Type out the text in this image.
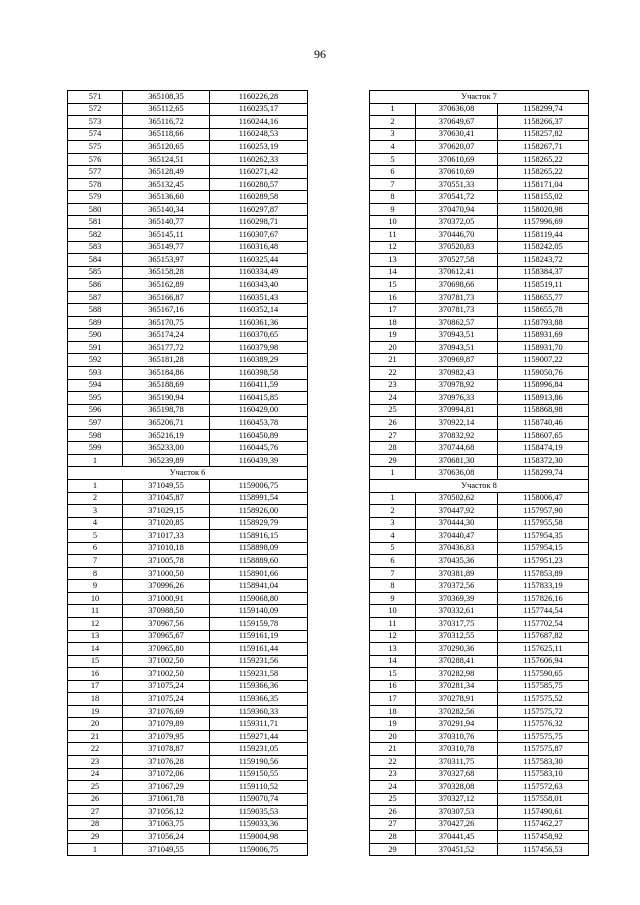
96
571	365108,35	1160226,28
572	365112,65	1160235,17
573	365116,72	1160244,16
574	365118,66	1160248,53
575	365120,65	1160253,19
576	365124,51	1160262,33
577	365128,49	1160271,42
578	365132,45	1160280,57
579	365136,60	1160289,58
580	365140,34	1160297,87
581	365140,77	1160298,71
582	365145,11	1160307,67
583	365149,77	1160316,48
584	365153,97	1160325,44
585	365158,28	1160334,49
586	365162,89	1160343,40
587	365166,87	1160351,43
588	365167,16	1160352,14
589	365170,75	1160361,36
590	365174,24	1160370,65
591	365177,72	1160379,98
592	365181,28	1160389,29
593	365184,86	1160398,58
594	365188,69	1160411,59
595	365190,94	1160415,85
596	365198,78	1160429,00
597	365206,71	1160453,78
598	365216,19	1160450,89
599	365233,00	1160445,76
1	365239,89	1160439,39
Участок 6		
1	371049,55	1159006,75
2	371045,87	1158991,54
3	371029,15	1158926,00
4	371020,85	1158929,79
5	371017,33	1158916,15
6	371010,18	1158898,09
7	371005,78	1158889,60
8	371000,50	1158901,66
9	370996,26	1158941,04
10	371000,91	1159068,80
11	370988,50	1159140,09
12	370967,56	1159159,78
13	370965,67	1159161,19
14	370965,80	1159161,44
15	371002,50	1159231,56
16	371002,50	1159231,58
17	371075,24	1159366,36
18	371075,24	1159366,35
19	371076,69	1159360,33
20	371079,89	1159311,71
21	371079,95	1159271,44
22	371078,87	1159231,05
23	371076,28	1159190,56
24	371072,06	1159150,55
25	371067,29	1159110,52
26	371061,78	1159070,74
27	371056,12	1159035,53
28	371063,75	1159033,36
29	371056,24	1159004,98
1	371049,55	1159006,75
Участок 7		
1	370636,08	1158299,74
2	370649,67	1158266,37
3	370630,41	1158257,82
4	370620,07	1158267,71
5	370610,69	1158265,22
6	370610,69	1158265,22
7	370551,33	1158171,04
8	370541,72	1158155,02
9	370470,94	1158020,98
10	370372,05	1157996,69
11	370446,70	1158119,44
12	370520,83	1158242,05
13	370527,58	1158243,72
14	370612,41	1158384,37
15	370698,66	1158519,11
16	370781,73	1158655,77
17	370781,73	1158655,78
18	370862,57	1158793,88
19	370943,51	1158931,69
20	370943,51	1158931,70
21	370969,87	1159007,22
22	370982,43	1159050,76
23	370978,92	1158996,84
24	370976,33	1158913,86
25	370994,81	1158868,98
26	370922,14	1158740,46
27	370832,92	1158607,65
28	370744,68	1158474,19
29	370681,30	1158372,30
1	370636,08	1158299,74
Участок 8		
1	370502,62	1158006,47
2	370447,92	1157957,90
3	370444,30	1157955,58
4	370440,47	1157954,35
5	370436,83	1157954,15
6	370435,36	1157951,23
7	370381,89	1157853,89
8	370372,56	1157833,19
9	370369,39	1157826,16
10	370332,61	1157744,54
11	370317,75	1157702,54
12	370312,55	1157687,82
13	370290,36	1157625,11
14	370288,41	1157606,94
15	370282,98	1157590,65
16	370281,34	1157585,75
17	370278,91	1157575,52
18	370282,56	1157575,72
19	370291,94	1157576,32
20	370310,76	1157575,75
21	370310,78	1157575,87
22	370311,75	1157583,30
23	370327,68	1157583,10
24	370328,08	1157572,63
25	370327,12	1157558,01
26	370307,53	1157490,61
27	370427,26	1157462,27
28	370441,45	1157458,92
29	370451,52	1157456,53
